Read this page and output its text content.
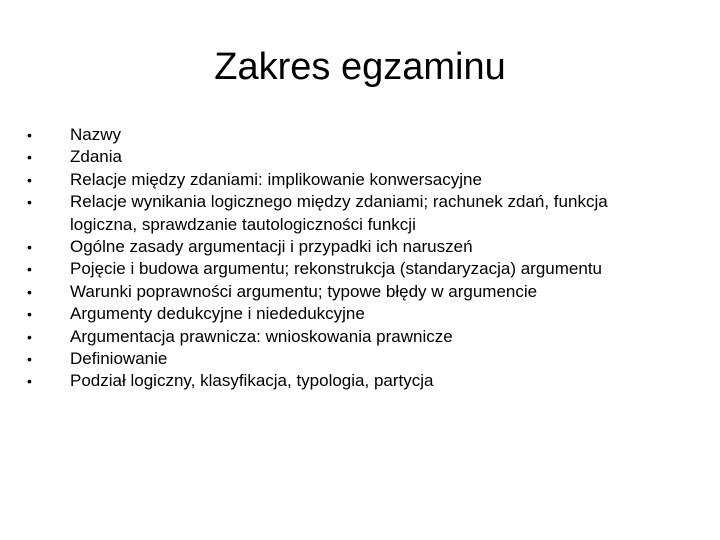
Zakres egzaminu
•	Nazwy
•	Zdania
•	Relacje między zdaniami: implikowanie konwersacyjne
•	Relacje wynikania logicznego między zdaniami; rachunek zdań, funkcja logiczna, sprawdzanie tautologiczności funkcji
•	Ogólne zasady argumentacji i przypadki ich naruszeń
•	Pojęcie i budowa argumentu; rekonstrukcja (standaryzacja) argumentu
•	Warunki poprawności argumentu; typowe błędy w argumencie
•	Argumenty dedukcyjne i niededukcyjne
•	Argumentacja prawnicza: wnioskowania prawnicze
•	Definiowanie
•	Podział logiczny, klasyfikacja, typologia, partycja
